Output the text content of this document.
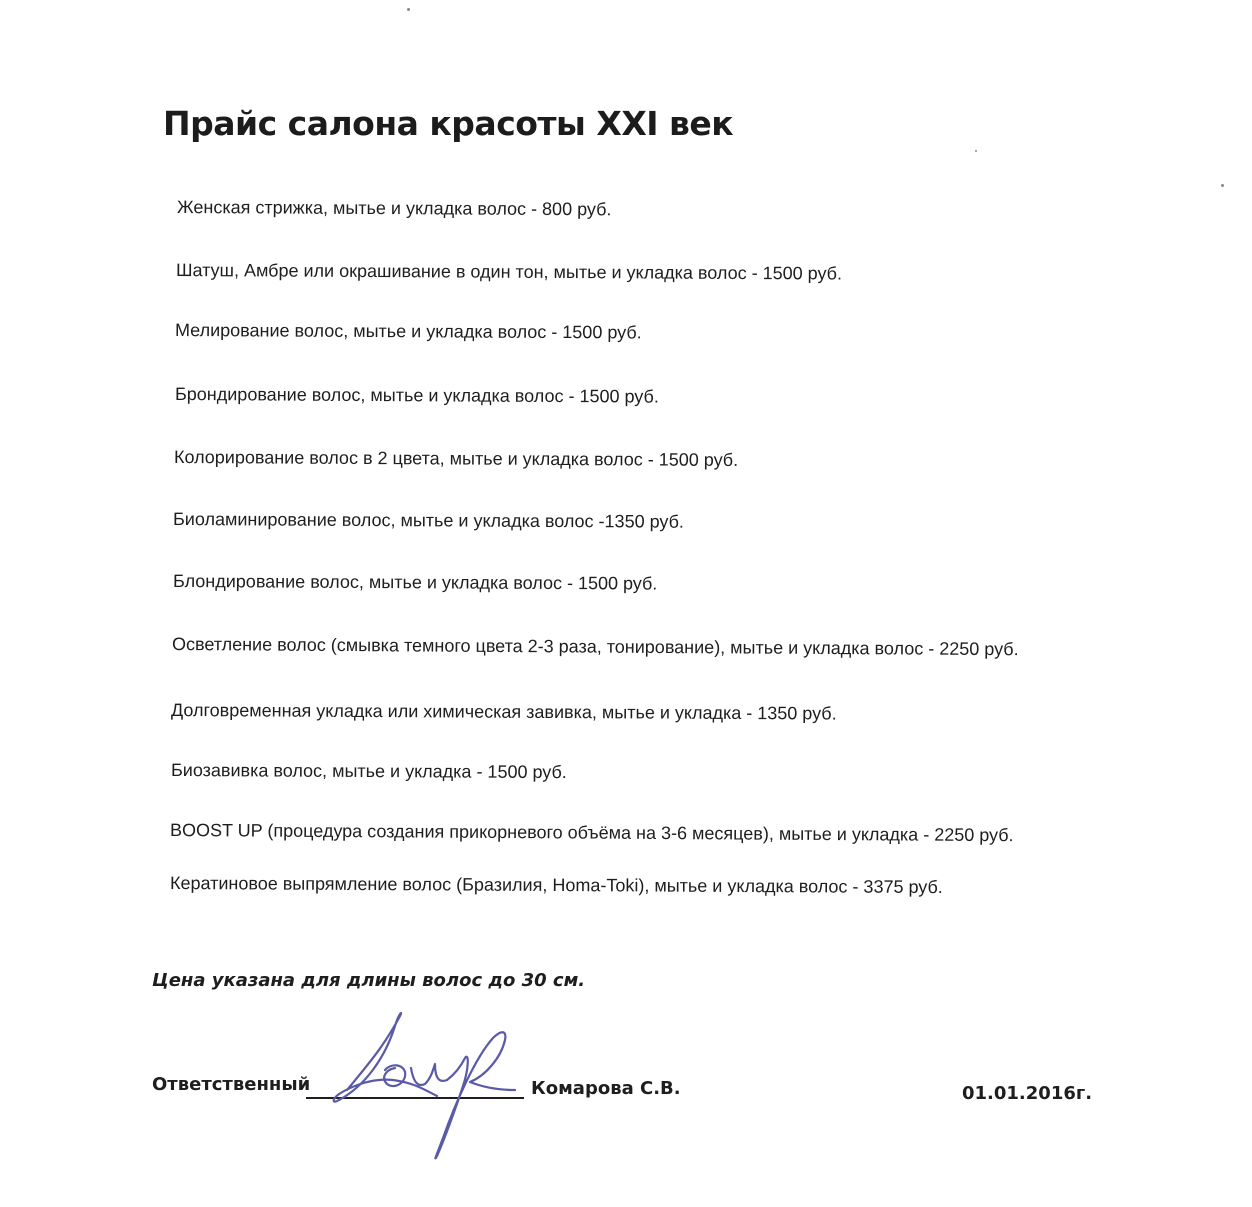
Прайс салона красоты XXI век
Женская стрижка, мытье и укладка волос - 800 руб.
Шатуш, Амбре или окрашивание в один тон, мытье и укладка волос - 1500 руб.
Мелирование волос, мытье и укладка волос - 1500 руб.
Брондирование волос, мытье и укладка волос - 1500 руб.
Колорирование волос в 2 цвета, мытье и укладка волос - 1500 руб.
Биоламинирование волос, мытье и укладка волос -1350 руб.
Блондирование волос, мытье и укладка волос - 1500 руб.
Осветление волос (смывка темного цвета 2-3 раза, тонирование), мытье и укладка волос - 2250 руб.
Долговременная укладка или химическая завивка, мытье и укладка - 1350 руб.
Биозавивка волос, мытье и укладка - 1500 руб.
BOOST UP (процедура создания прикорневого объёма на 3-6 месяцев), мытье и укладка - 2250 руб.
Кератиновое выпрямление волос (Бразилия, Homa-Toki), мытье и укладка волос - 3375 руб.
Цена указана для длины волос до 30 см.
Ответственный	Комарова С.В.	01.01.2016г.
